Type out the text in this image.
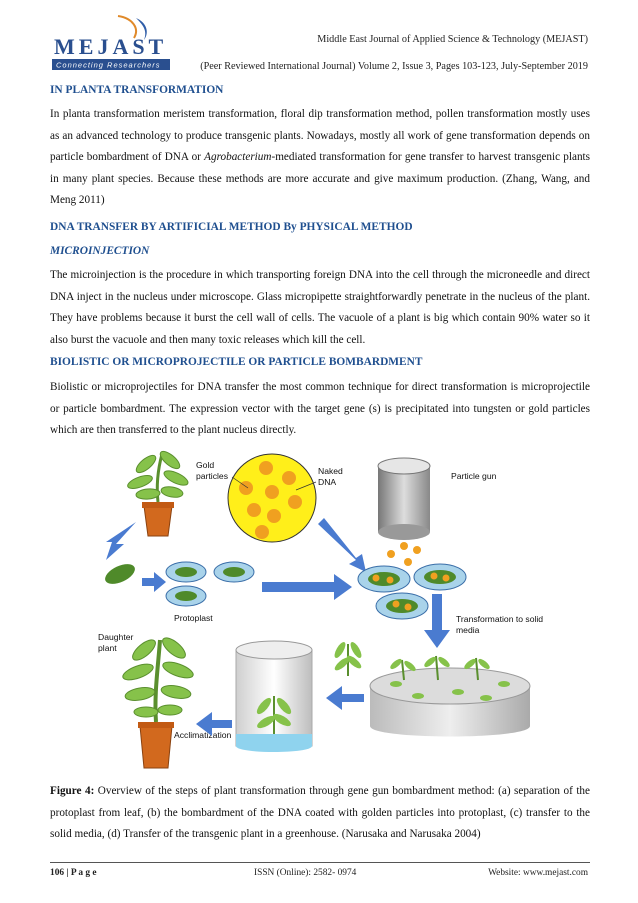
MEJAST
Connecting Researchers
Middle East Journal of Applied Science & Technology (MEJAST)
(Peer Reviewed International Journal) Volume 2, Issue 3, Pages 103-123, July-September 2019
IN PLANTA TRANSFORMATION
In planta transformation meristem transformation, floral dip transformation method, pollen transformation mostly uses as an advanced technology to produce transgenic plants. Nowadays, mostly all work of gene transformation depends on particle bombardment of DNA or Agrobacterium-mediated transformation for gene transfer to harvest transgenic plants in many plant species. Because these methods are more accurate and give maximum production. (Zhang, Wang, and Meng 2011)
DNA TRANSFER BY ARTIFICIAL METHOD By PHYSICAL METHOD
MICROINJECTION
The microinjection is the procedure in which transporting foreign DNA into the cell through the microneedle and direct DNA inject in the nucleus under microscope. Glass micropipette straightforwardly penetrate in the nucleus of the plant. They have problems because it burst the cell wall of cells. The vacuole of a plant is big which contain 90% water so it also burst the vacuole and then many toxic releases which kill the cell.
BIOLISTIC OR MICROPROJECTILE OR PARTICLE BOMBARDMENT
Biolistic or microprojectiles for DNA transfer the most common technique for direct transformation is microprojectile or particle bombardment. The expression vector with the target gene (s) is precipitated into tungsten or gold particles which are then transferred to the plant nucleus directly.
Gold
particles	Naked
DNA
Particle gun
Protoplast	Transformation to solid
media
Acclimatization
Daughter
plant
Figure 4: Overview of the steps of plant transformation through gene gun bombardment method: (a) separation of the protoplast from leaf, (b) the bombardment of the DNA coated with golden particles into protoplast, (c) transfer to the solid media, (d) Transfer of the transgenic plant in a greenhouse. (Narusaka and Narusaka 2004)
106 | P a g e	ISSN (Online): 2582- 0974	Website: www.mejast.com
